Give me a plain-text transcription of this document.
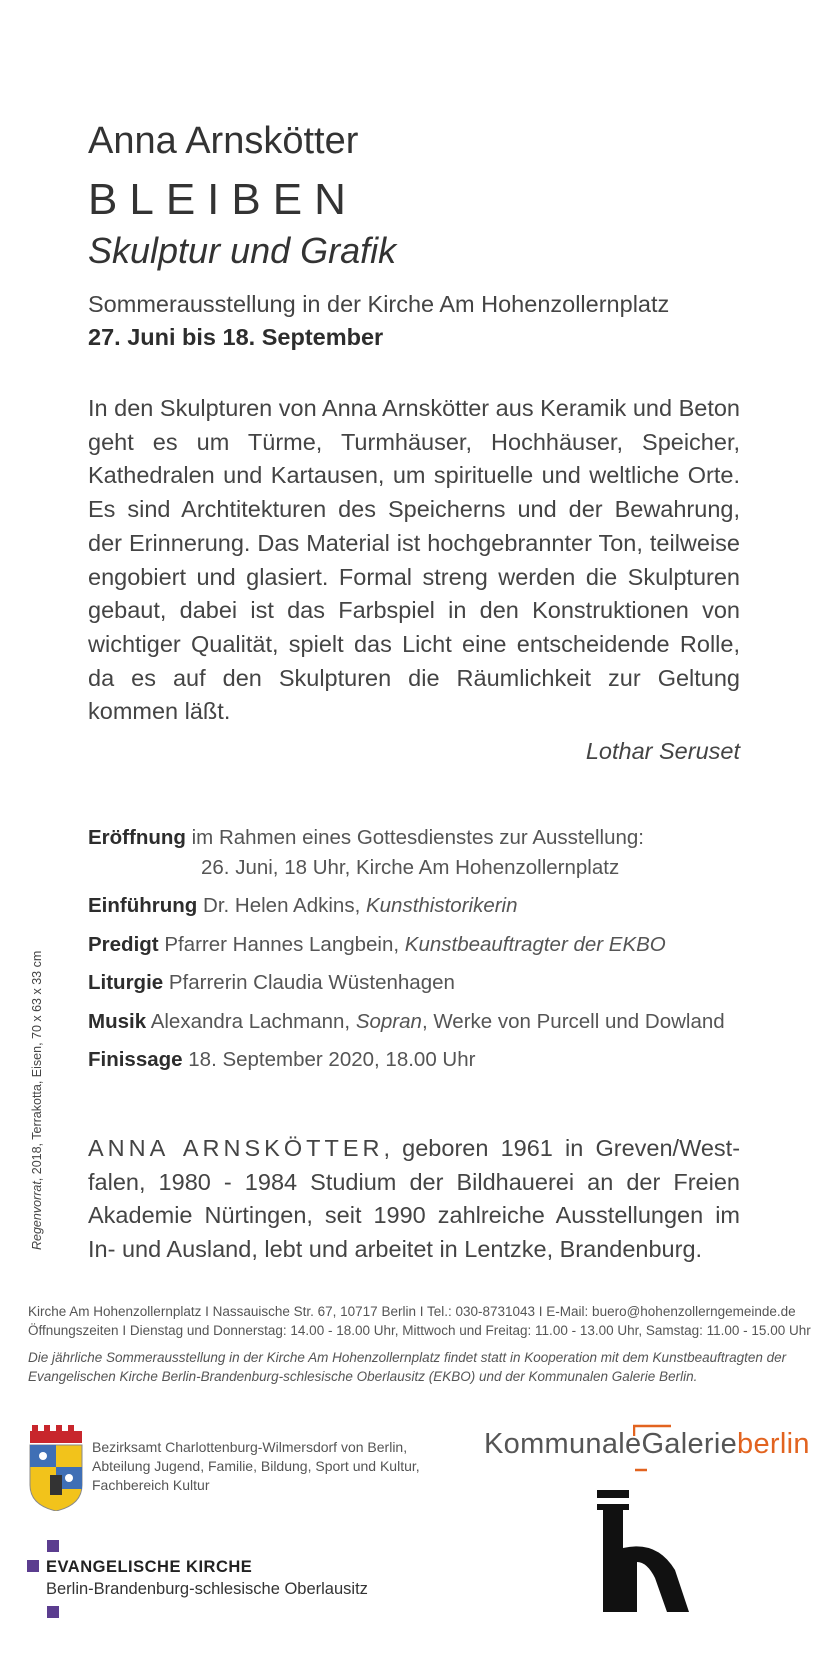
Anna Arnskötter
BLEIBEN
Skulptur und Grafik
Sommerausstellung in der Kirche Am Hohenzollernplatz
27. Juni bis 18. September
In den Skulpturen von Anna Arnskötter aus Keramik und Beton geht es um Türme, Turmhäuser, Hochhäuser, Speicher, Kathedralen und Kartausen, um spirituelle und weltliche Orte. Es sind Archtitekturen des Speicherns und der Bewahrung, der Erinnerung. Das Material ist hochgebrannter Ton, teilweise engobiert und glasiert. Formal streng werden die Skulpturen gebaut, dabei ist das Farbspiel in den Konstruktionen von wichtiger Qualität, spielt das Licht eine entscheidende Rolle, da es auf den Skulpturen die Räumlichkeit zur Geltung kommen läßt.
Lothar Seruset
Eröffnung im Rahmen eines Gottesdienstes zur Ausstellung:
26. Juni, 18 Uhr, Kirche Am Hohenzollernplatz
Einführung Dr. Helen Adkins, Kunsthistorikerin
Predigt Pfarrer Hannes Langbein, Kunstbeauftragter der EKBO
Liturgie Pfarrerin Claudia Wüstenhagen
Musik Alexandra Lachmann, Sopran, Werke von Purcell und Dowland
Finissage 18. September 2020, 18.00 Uhr
ANNA ARNSKÖTTER, geboren 1961 in Greven/Westfalen, 1980 - 1984 Studium der Bildhauerei an der Freien Akademie Nürtingen, seit 1990 zahlreiche Ausstellungen im In- und Ausland, lebt und arbeitet in Lentzke, Brandenburg.
Regenvorrat, 2018, Terrakotta, Eisen, 70 x 63 x 33 cm
Kirche Am Hohenzollernplatz I Nassauische Str. 67, 10717 Berlin I Tel.: 030-8731043 I E-Mail: buero@hohenzollerngemeinde.de
Öffnungszeiten I Dienstag und Donnerstag: 14.00 - 18.00 Uhr, Mittwoch und Freitag: 11.00 - 13.00 Uhr, Samstag: 11.00 - 15.00 Uhr
Die jährliche Sommerausstellung in der Kirche Am Hohenzollernplatz findet statt in Kooperation mit dem Kunstbeauftragten der Evangelischen Kirche Berlin-Brandenburg-schlesische Oberlausitz (EKBO) und der Kommunalen Galerie Berlin.
Bezirksamt Charlottenburg-Wilmersdorf von Berlin,
Abteilung Jugend, Familie, Bildung, Sport und Kultur,
Fachbereich Kultur
KommunaleGalerieberlin
EVANGELISCHE KIRCHE
Berlin-Brandenburg-schlesische Oberlausitz
